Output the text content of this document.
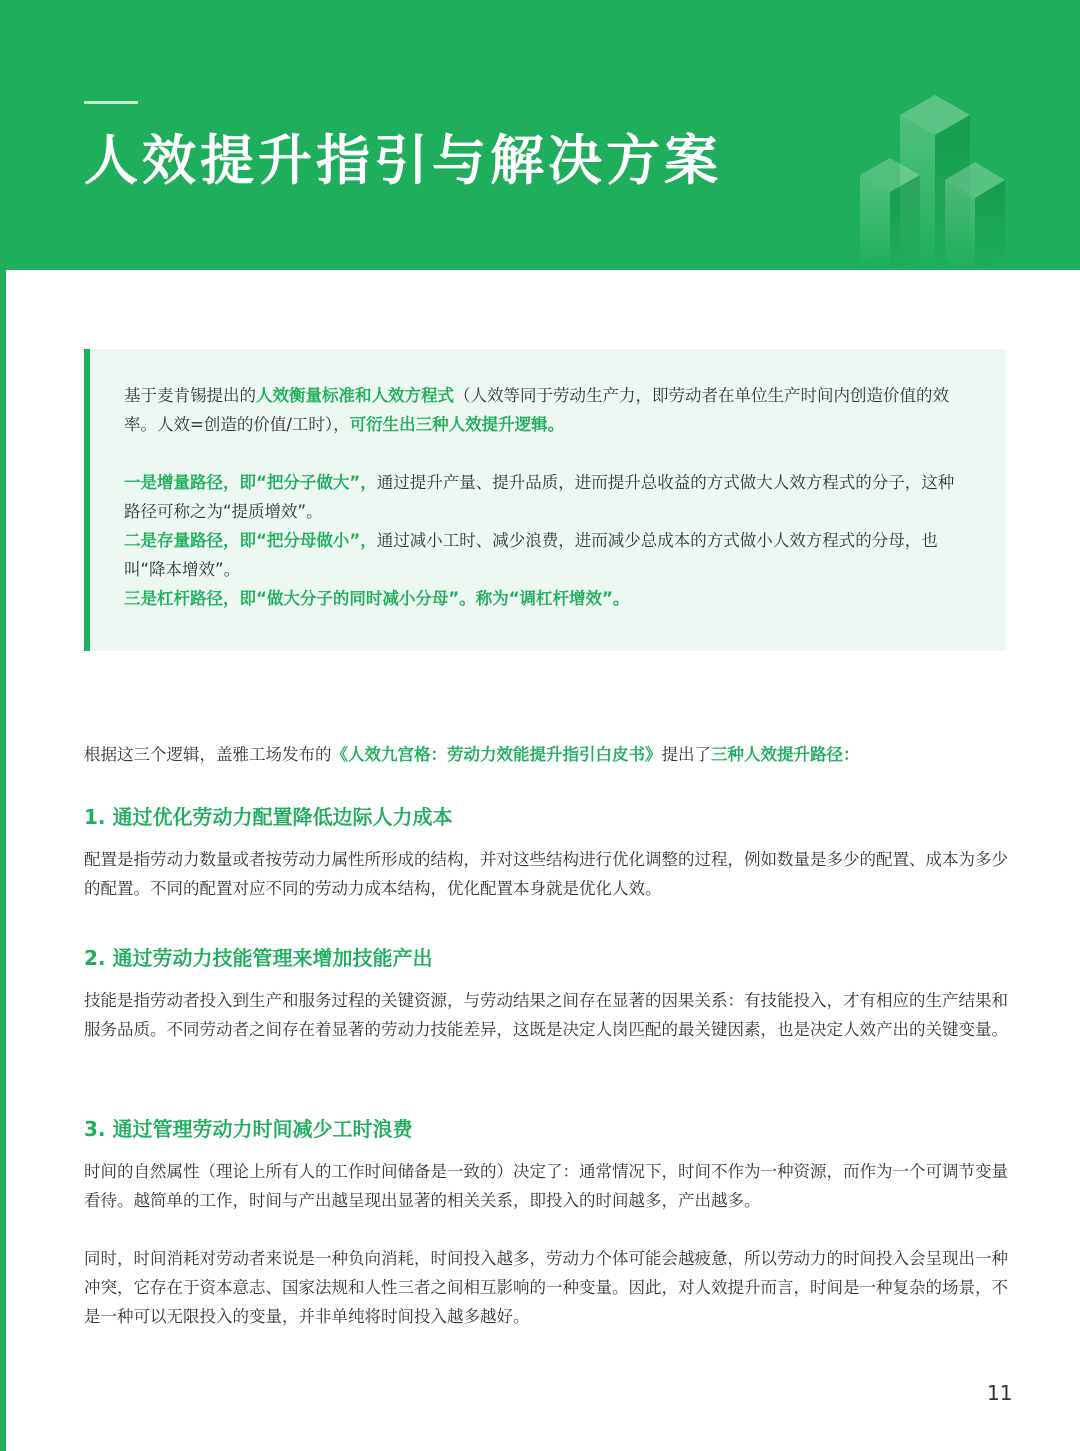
人效提升指引与解决方案

基于麦肯锡提出的人效衡量标准和人效方程式（人效等同于劳动生产力，即劳动者在单位生产时间内创造价值的效率。人效=创造的价值/工时），可衍生出三种人效提升逻辑。

一是增量路径，即“把分子做大”，通过提升产量、提升品质，进而提升总收益的方式做大人效方程式的分子，这种路径可称之为“提质增效”。

二是存量路径，即“把分母做小”，通过减小工时、减少浪费，进而减少总成本的方式做小人效方程式的分母，也叫“降本增效”。

三是杠杆路径，即“做大分子的同时减小分母”。称为“调杠杆增效”。

根据这三个逻辑，盖雅工场发布的《人效九宫格：劳动力效能提升指引白皮书》提出了三种人效提升路径：

1. 通过优化劳动力配置降低边际人力成本

配置是指劳动力数量或者按劳动力属性所形成的结构，并对这些结构进行优化调整的过程，例如数量是多少的配置、成本为多少的配置。不同的配置对应不同的劳动力成本结构，优化配置本身就是优化人效。

2. 通过劳动力技能管理来增加技能产出

技能是指劳动者投入到生产和服务过程的关键资源，与劳动结果之间存在显著的因果关系：有技能投入，才有相应的生产结果和服务品质。不同劳动者之间存在着显著的劳动力技能差异，这既是决定人岗匹配的最关键因素，也是决定人效产出的关键变量。

3. 通过管理劳动力时间减少工时浪费

时间的自然属性（理论上所有人的工作时间储备是一致的）决定了：通常情况下，时间不作为一种资源，而作为一个可调节变量看待。越简单的工作，时间与产出越呈现出显著的相关关系，即投入的时间越多，产出越多。

同时，时间消耗对劳动者来说是一种负向消耗，时间投入越多，劳动力个体可能会越疲惫，所以劳动力的时间投入会呈现出一种冲突，它存在于资本意志、国家法规和人性三者之间相互影响的一种变量。因此，对人效提升而言，时间是一种复杂的场景，不是一种可以无限投入的变量，并非单纯将时间投入越多越好。

11
